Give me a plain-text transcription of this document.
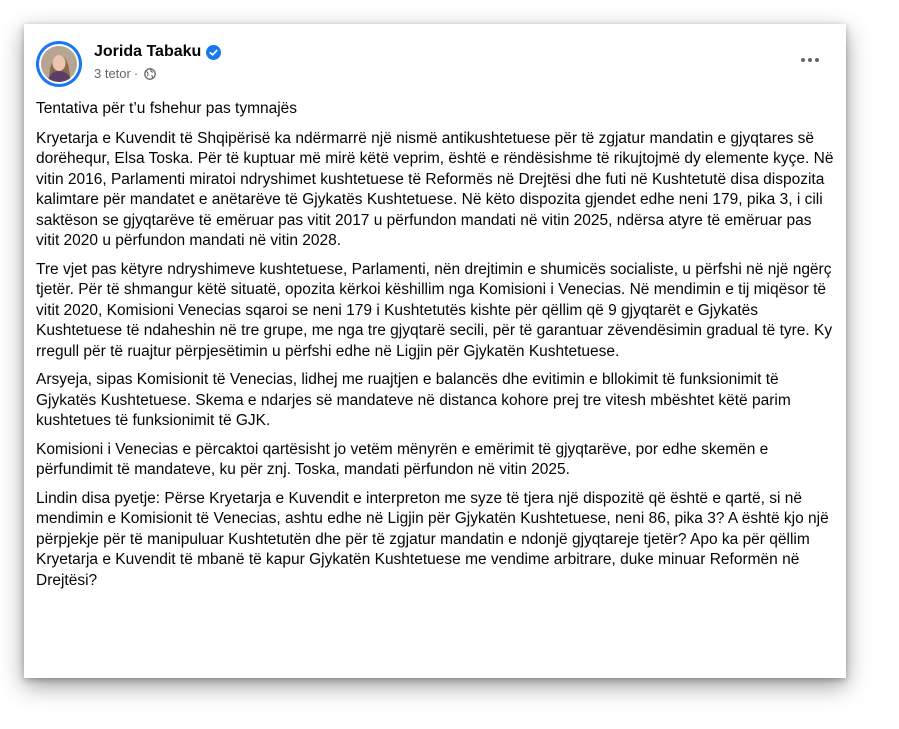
Jorida Tabaku
3 tetor ·

Tentativa për t’u fshehur pas tymnajës

Kryetarja e Kuvendit të Shqipërisë ka ndërmarrë një nismë antikushtetuese për të zgjatur mandatin e gjyqtares së dorëhequr, Elsa Toska. Për të kuptuar më mirë këtë veprim, është e rëndësishme të rikujtojmë dy elemente kyçe. Në vitin 2016, Parlamenti miratoi ndryshimet kushtetuese të Reformës në Drejtësi dhe futi në Kushtetutë disa dispozita kalimtare për mandatet e anëtarëve të Gjykatës Kushtetuese. Në këto dispozita gjendet edhe neni 179, pika 3, i cili saktëson se gjyqtarëve të emëruar pas vitit 2017 u përfundon mandati në vitin 2025, ndërsa atyre të emëruar pas vitit 2020 u përfundon mandati në vitin 2028.

Tre vjet pas këtyre ndryshimeve kushtetuese, Parlamenti, nën drejtimin e shumicës socialiste, u përfshi në një ngërç tjetër. Për të shmangur këtë situatë, opozita kërkoi këshillim nga Komisioni i Venecias. Në mendimin e tij miqësor të vitit 2020, Komisioni Venecias sqaroi se neni 179 i Kushtetutës kishte për qëllim që 9 gjyqtarët e Gjykatës Kushtetuese të ndaheshin në tre grupe, me nga tre gjyqtarë secili, për të garantuar zëvendësimin gradual të tyre. Ky rregull për të ruajtur përpjesëtimin u përfshi edhe në Ligjin për Gjykatën Kushtetuese.

Arsyeja, sipas Komisionit të Venecias, lidhej me ruajtjen e balancës dhe evitimin e bllokimit të funksionimit të Gjykatës Kushtetuese. Skema e ndarjes së mandateve në distanca kohore prej tre vitesh mbështet këtë parim kushtetues të funksionimit të GJK.

Komisioni i Venecias e përcaktoi qartësisht jo vetëm mënyrën e emërimit të gjyqtarëve, por edhe skemën e përfundimit të mandateve, ku për znj. Toska, mandati përfundon në vitin 2025.

Lindin disa pyetje: Përse Kryetarja e Kuvendit e interpreton me syze të tjera një dispozitë që është e qartë, si në mendimin e Komisionit të Venecias, ashtu edhe në Ligjin për Gjykatën Kushtetuese, neni 86, pika 3? A është kjo një përpjekje për të manipuluar Kushtetutën dhe për të zgjatur mandatin e ndonjë gjyqtareje tjetër? Apo ka për qëllim Kryetarja e Kuvendit të mbanë të kapur Gjykatën Kushtetuese me vendime arbitrare, duke minuar Reformën në Drejtësi?
